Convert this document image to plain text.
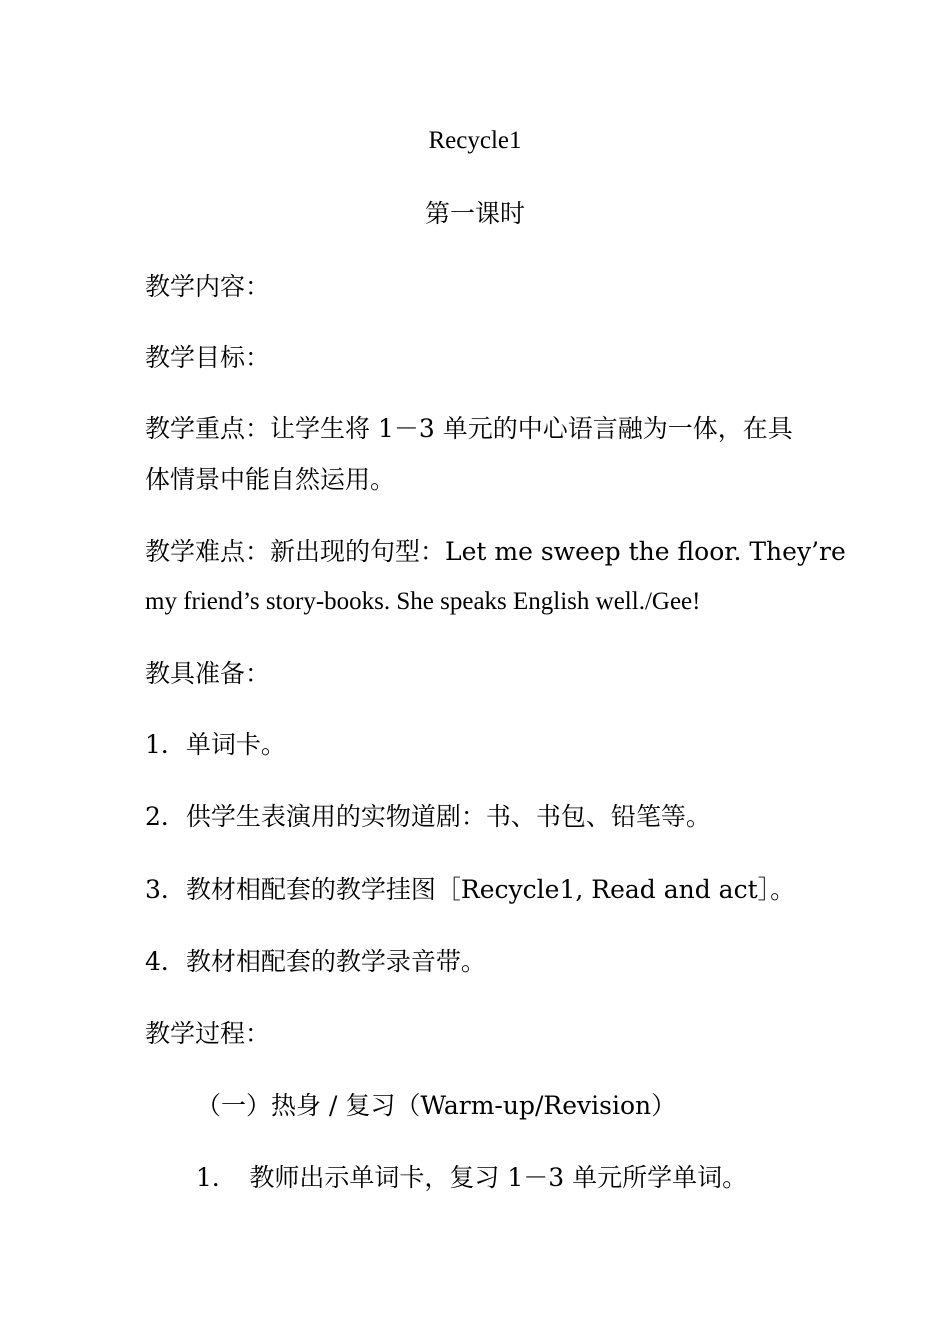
Recycle1
第一课时
教学内容：
教学目标：
教学重点：让学生将 1－3 单元的中心语言融为一体，在具
体情景中能自然运用。
教学难点：新出现的句型：Let me sweep the floor. They’re
my friend’s story-books. She speaks English well./Gee!
教具准备：
1．单词卡。
2．供学生表演用的实物道剧：书、书包、铅笔等。
3．教材相配套的教学挂图［Recycle1, Read and act］。
4．教材相配套的教学录音带。
教学过程：
（一）热身 / 复习（Warm-up/Revision）
1．　教师出示单词卡，复习 1－3 单元所学单词。
